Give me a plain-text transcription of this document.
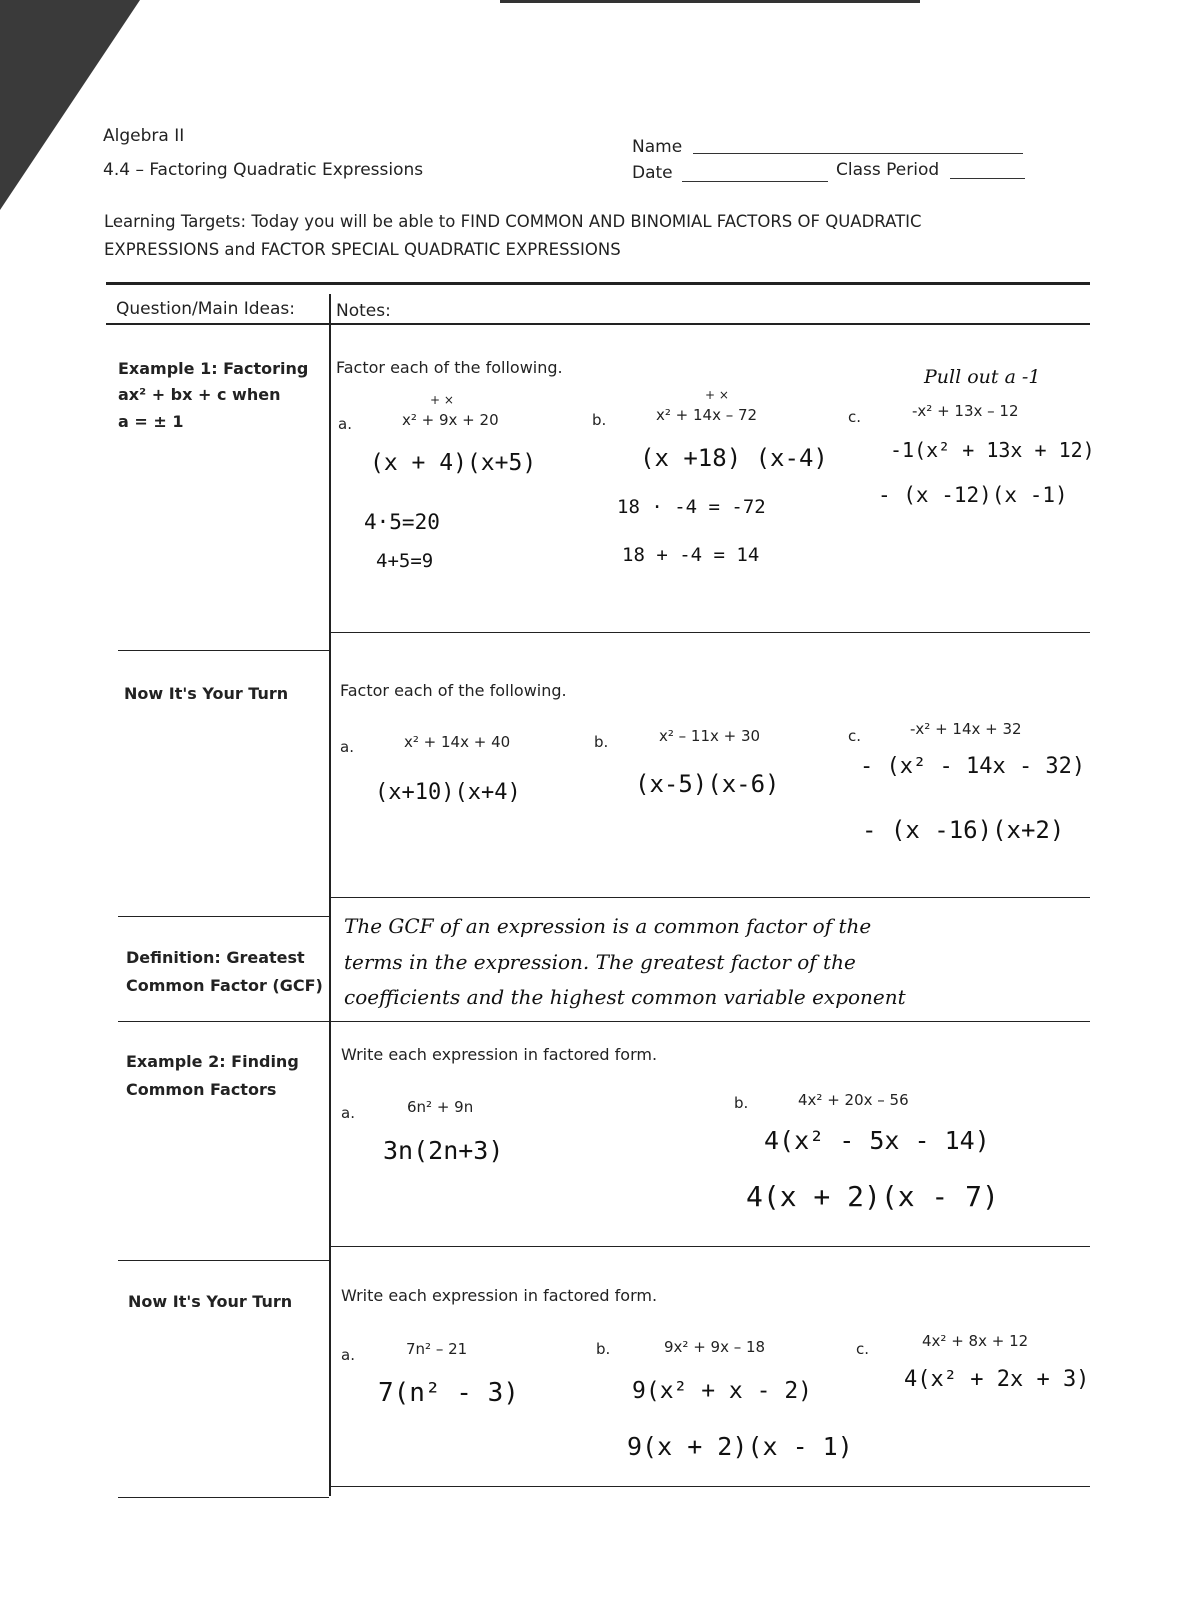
Algebra II
4.4 – Factoring Quadratic Expressions
Name
Date	Class Period
Learning Targets: Today you will be able to FIND COMMON AND BINOMIAL FACTORS OF QUADRATIC
EXPRESSIONS and FACTOR SPECIAL QUADRATIC EXPRESSIONS
Question/Main Ideas: Notes:
Example 1: Factoring
ax² + bx + c when
a = ± 1
Factor each of the following.
a.
+ ×
x² + 9x + 20
(x + 4)(x+5)
4·5=20
4+5=9
b.
+ ×
x² + 14x – 72
(x +18) (x-4)
18 · -4 = -72
18 + -4 = 14
c.
Pull out a -1
-x² + 13x – 12
-1(x² + 13x + 12)
- (x -12)(x -1)
Now It's Your Turn	Factor each of the following.
a.	x² + 14x + 40
(x+10)(x+4)
b.	x² – 11x + 30
(x-5)(x-6)
c.	-x² + 14x + 32
- (x² - 14x - 32)
- (x -16)(x+2)
Definition: Greatest
Common Factor (GCF)
The GCF of an expression is a common factor of the
terms in the expression. The greatest factor of the
coefficients and the highest common variable exponent
Example 2: Finding
Common Factors
Write each expression in factored form.
a.	6n² + 9n
3n(2n+3)
b.	4x² + 20x – 56
4(x² - 5x - 14)
4(x + 2)(x - 7)
Now It's Your Turn	Write each expression in factored form.
a.	7n² – 21
7(n² - 3)
b.	9x² + 9x – 18
9(x² + x - 2)
9(x + 2)(x - 1)
c.	4x² + 8x + 12
4(x² + 2x + 3)
